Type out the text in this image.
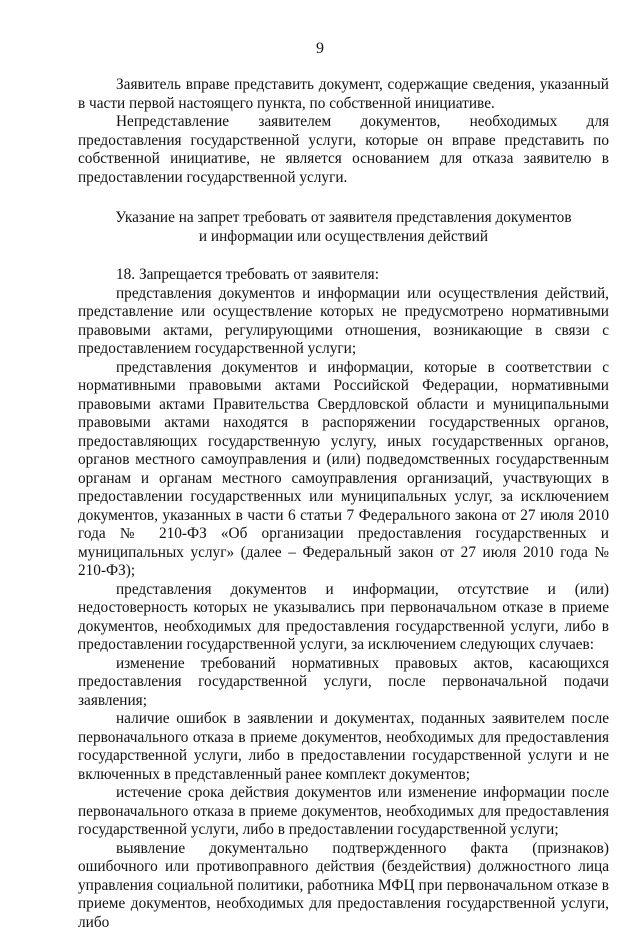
9

Заявитель вправе представить документ, содержащие сведения, указанный в части первой настоящего пункта, по собственной инициативе.

Непредставление заявителем документов, необходимых для предоставления государственной услуги, которые он вправе представить по собственной инициативе, не является основанием для отказа заявителю в предоставлении государственной услуги.

Указание на запрет требовать от заявителя представления документов
и информации или осуществления действий

18. Запрещается требовать от заявителя:

представления документов и информации или осуществления действий, представление или осуществление которых не предусмотрено нормативными правовыми актами, регулирующими отношения, возникающие в связи с предоставлением государственной услуги;

представления документов и информации, которые в соответствии с нормативными правовыми актами Российской Федерации, нормативными правовыми актами Правительства Свердловской области и муниципальными правовыми актами находятся в распоряжении государственных органов, предоставляющих государственную услугу, иных государственных органов, органов местного самоуправления и (или) подведомственных государственным органам и органам местного самоуправления организаций, участвующих в предоставлении государственных или муниципальных услуг, за исключением документов, указанных в части 6 статьи 7 Федерального закона от 27 июля 2010 года № 210-ФЗ «Об организации предоставления государственных и муниципальных услуг» (далее – Федеральный закон от 27 июля 2010 года № 210-ФЗ);

представления документов и информации, отсутствие и (или) недостоверность которых не указывались при первоначальном отказе в приеме документов, необходимых для предоставления государственной услуги, либо в предоставлении государственной услуги, за исключением следующих случаев:

изменение требований нормативных правовых актов, касающихся предоставления государственной услуги, после первоначальной подачи заявления;

наличие ошибок в заявлении и документах, поданных заявителем после первоначального отказа в приеме документов, необходимых для предоставления государственной услуги, либо в предоставлении государственной услуги и не включенных в представленный ранее комплект документов;

истечение срока действия документов или изменение информации после первоначального отказа в приеме документов, необходимых для предоставления государственной услуги, либо в предоставлении государственной услуги;

выявление документально подтвержденного факта (признаков) ошибочного или противоправного действия (бездействия) должностного лица управления социальной политики, работника МФЦ при первоначальном отказе в приеме документов, необходимых для предоставления государственной услуги, либо
